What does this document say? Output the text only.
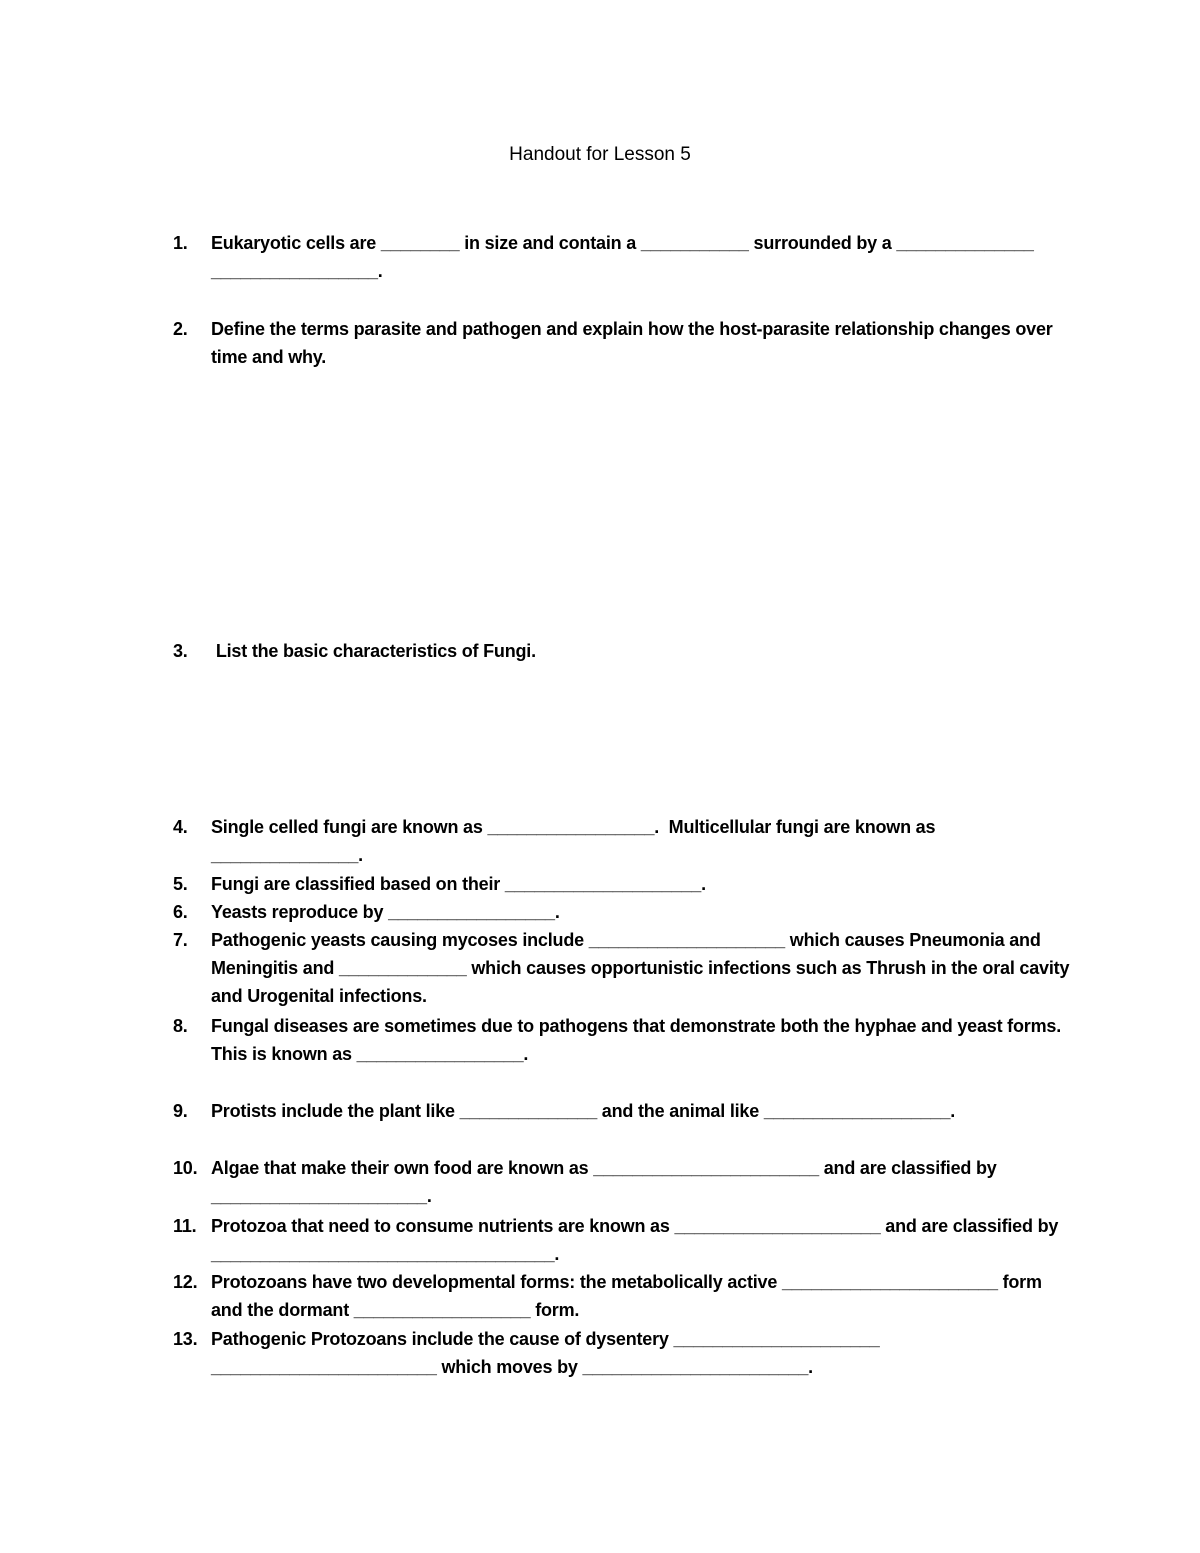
Handout for Lesson 5
1.	Eukaryotic cells are ________ in size and contain a ___________ surrounded by a ______________  _________________.
2.	Define the terms parasite and pathogen and explain how the host-parasite relationship changes over time and why.
3.	List the basic characteristics of Fungi.
4.	Single celled fungi are known as _________________.  Multicellular fungi are known as _______________.
5.	Fungi are classified based on their ____________________.
6.	Yeasts reproduce by _________________.
7.	Pathogenic yeasts causing mycoses include ____________________ which causes Pneumonia and Meningitis and _____________ which causes opportunistic infections such as Thrush in the oral cavity and Urogenital infections.
8.	Fungal diseases are sometimes due to pathogens that demonstrate both the hyphae and yeast forms.  This is known as _________________.
9.	Protists include the plant like ______________ and the animal like ___________________.
10. Algae that make their own food are known as _______________________ and are classified by ______________________.
11. Protozoa that need to consume nutrients are known as _____________________ and are classified by ___________________________________.
12. Protozoans have two developmental forms: the metabolically active ______________________ form and the dormant __________________ form.
13. Pathogenic Protozoans include the cause of dysentery _____________________ _______________________ which moves by _______________________.
